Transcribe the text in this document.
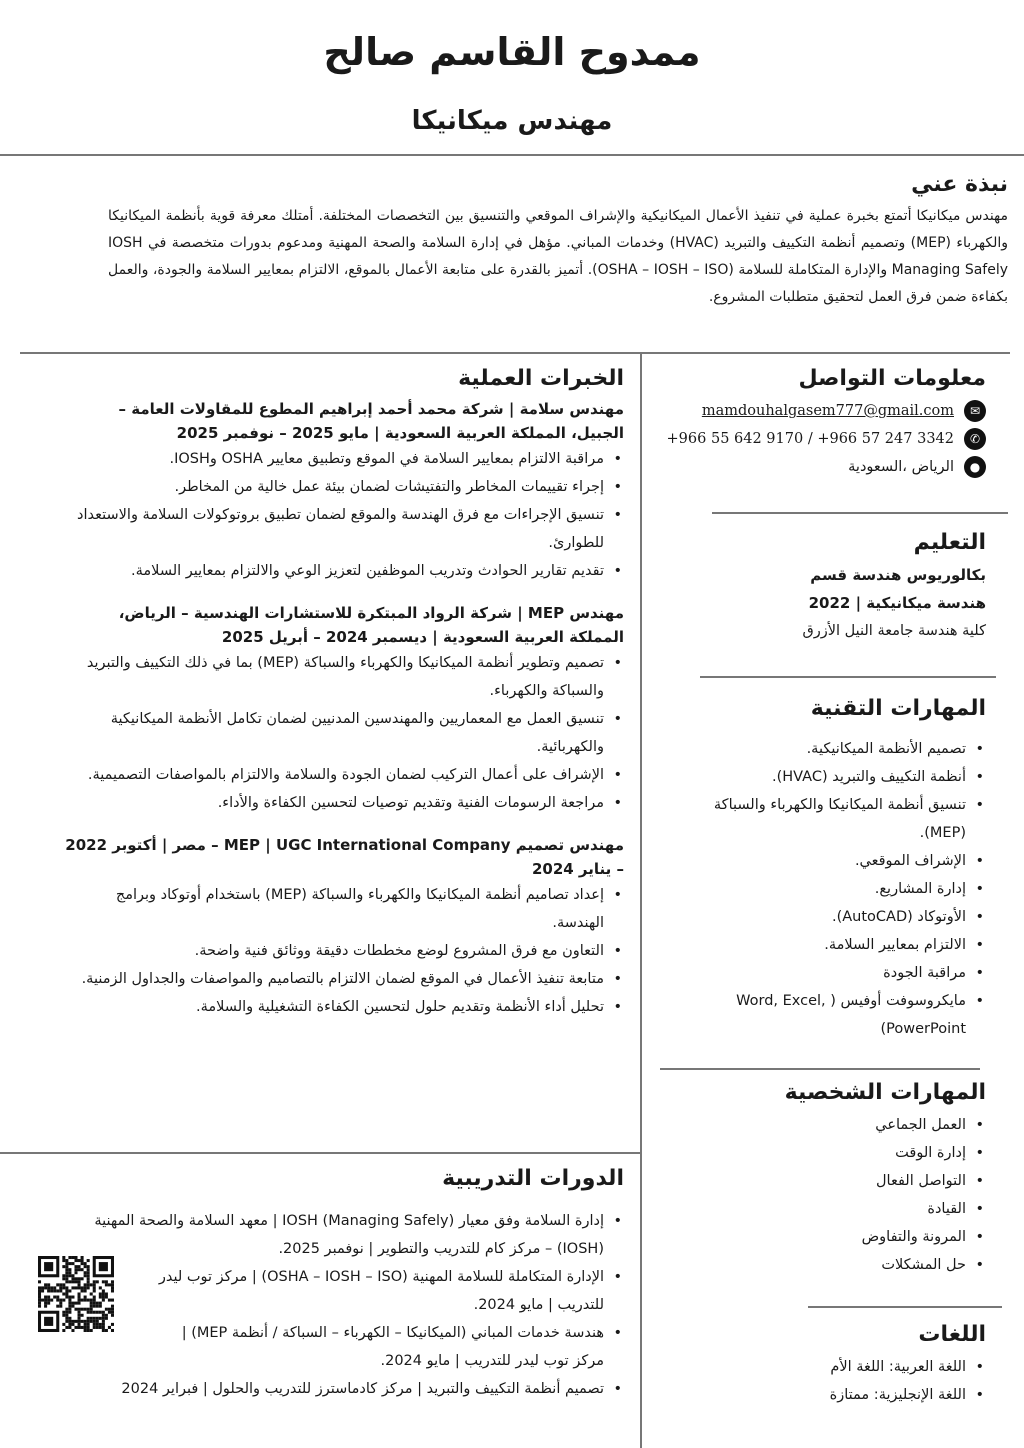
ممدوح القاسم صالح
مهندس ميكانيكا
نبذة عني

مهندس ميكانيكا أتمتع بخبرة عملية في تنفيذ الأعمال الميكانيكية والإشراف الموقعي والتنسيق بين التخصصات المختلفة. أمتلك معرفة قوية بأنظمة الميكانيكا والكهرباء (MEP) وتصميم أنظمة التكييف والتبريد (HVAC) وخدمات المباني. مؤهل في إدارة السلامة والصحة المهنية ومدعوم بدورات متخصصة في IOSH Managing Safely والإدارة المتكاملة للسلامة (OSHA – IOSH – ISO). أتميز بالقدرة على متابعة الأعمال بالموقع، الالتزام بمعايير السلامة والجودة، والعمل بكفاءة ضمن فرق العمل لتحقيق متطلبات المشروع.

معلومات التواصل
✉
mamdouhalgasem777@gmail.com
✆
+966 55 642 9170 / +966 57 247 3342
●
الرياض ،السعودية
التعليم
بكالوريوس هندسة قسم هندسة ميكانيكية | 2022
كلية هندسة جامعة النيل الأزرق
المهارات التقنية
• تصميم الأنظمة الميكانيكية.
• أنظمة التكييف والتبريد (HVAC).
• تنسيق أنظمة الميكانيكا والكهرباء والسباكة (MEP).
• الإشراف الموقعي.
• إدارة المشاريع.
• الأوتوكاد (AutoCAD).
• الالتزام بمعايير السلامة.
• مراقبة الجودة
• مايكروسوفت أوفيس ( Word, Excel, PowerPoint)
المهارات الشخصية
• العمل الجماعي
• إدارة الوقت
• التواصل الفعال
• القيادة
• المرونة والتفاوض
• حل المشكلات
اللغات
• اللغة العربية: اللغة الأم
• اللغة الإنجليزية: ممتازة
الخبرات العملية
مهندس سلامة | شركة محمد أحمد إبراهيم المطوع للمقاولات العامة – الجبيل، المملكة العربية السعودية | مايو 2025 – نوفمبر 2025
• مراقبة الالتزام بمعايير السلامة في الموقع وتطبيق معايير OSHA وIOSH.
• إجراء تقييمات المخاطر والتفتيشات لضمان بيئة عمل خالية من المخاطر.
• تنسيق الإجراءات مع فرق الهندسة والموقع لضمان تطبيق بروتوكولات السلامة والاستعداد للطوارئ.
• تقديم تقارير الحوادث وتدريب الموظفين لتعزيز الوعي والالتزام بمعايير السلامة.
مهندس MEP | شركة الرواد المبتكرة للاستشارات الهندسية – الرياض، المملكة العربية السعودية | ديسمبر 2024 – أبريل 2025
• تصميم وتطوير أنظمة الميكانيكا والكهرباء والسباكة (MEP) بما في ذلك التكييف والتبريد والسباكة والكهرباء.
• تنسيق العمل مع المعماريين والمهندسين المدنيين لضمان تكامل الأنظمة الميكانيكية والكهربائية.
• الإشراف على أعمال التركيب لضمان الجودة والسلامة والالتزام بالمواصفات التصميمية.
• مراجعة الرسومات الفنية وتقديم توصيات لتحسين الكفاءة والأداء.
مهندس تصميم MEP | UGC International Company – مصر | أكتوبر 2022 – يناير 2024
• إعداد تصاميم أنظمة الميكانيكا والكهرباء والسباكة (MEP) باستخدام أوتوكاد وبرامج الهندسة.
• التعاون مع فرق المشروع لوضع مخططات دقيقة ووثائق فنية واضحة.
• متابعة تنفيذ الأعمال في الموقع لضمان الالتزام بالتصاميم والمواصفات والجداول الزمنية.
• تحليل أداء الأنظمة وتقديم حلول لتحسين الكفاءة التشغيلية والسلامة.
الدورات التدريبية
• إدارة السلامة وفق معيار IOSH (Managing Safely) | معهد السلامة والصحة المهنية (IOSH) – مركز كام للتدريب والتطوير | نوفمبر 2025.
• الإدارة المتكاملة للسلامة المهنية (OSHA – IOSH – ISO) | مركز توب ليدر للتدريب | مايو 2024.
• هندسة خدمات المباني (الميكانيكا – الكهرباء – السباكة / أنظمة MEP) | مركز توب ليدر للتدريب | مايو 2024.
• تصميم أنظمة التكييف والتبريد | مركز كادماسترز للتدريب والحلول | فبراير 2024
